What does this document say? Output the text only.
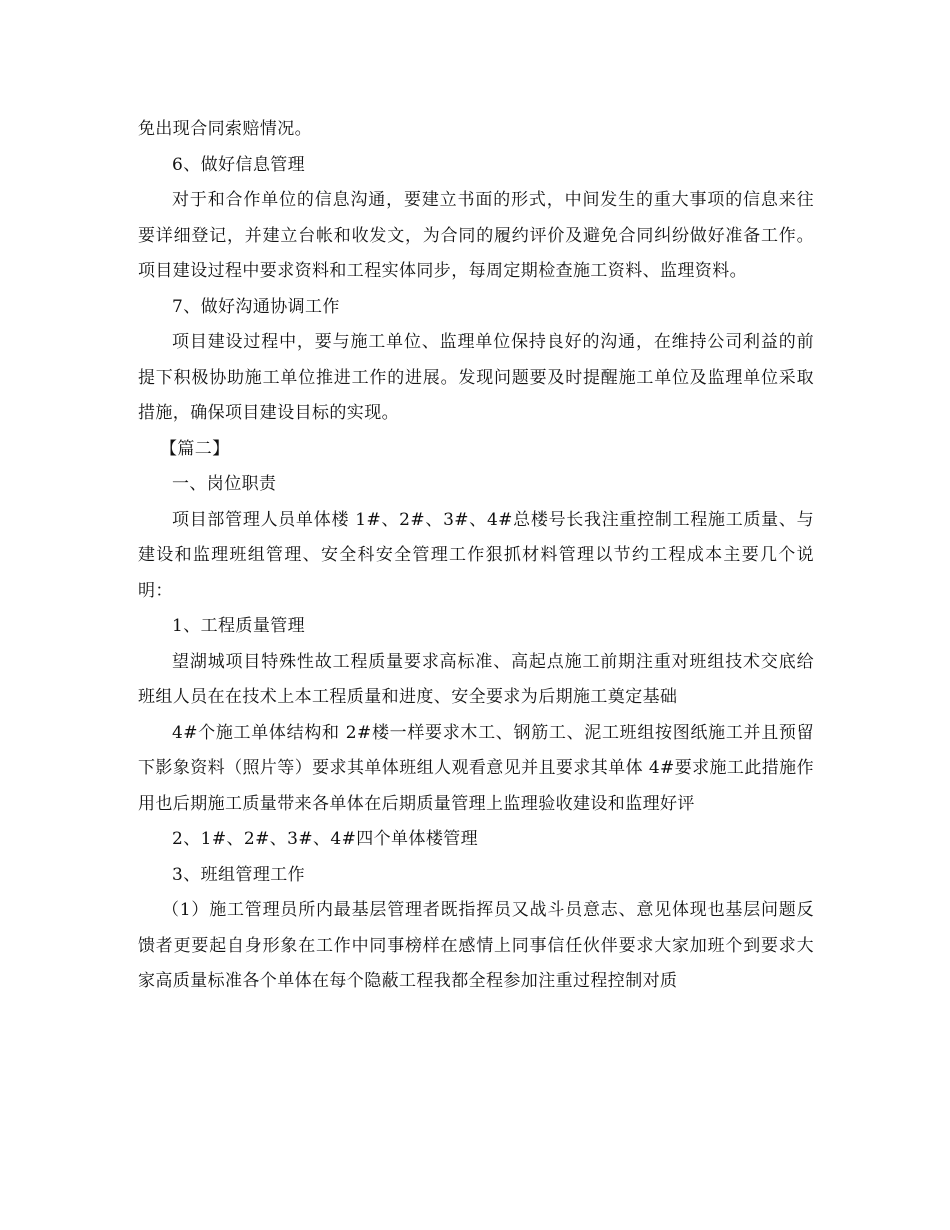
免出现合同索赔情况。

6、做好信息管理

对于和合作单位的信息沟通，要建立书面的形式，中间发生的重大事项的信息来往要详细登记，并建立台帐和收发文，为合同的履约评价及避免合同纠纷做好准备工作。项目建设过程中要求资料和工程实体同步，每周定期检查施工资料、监理资料。

7、做好沟通协调工作

项目建设过程中，要与施工单位、监理单位保持良好的沟通，在维持公司利益的前提下积极协助施工单位推进工作的进展。发现问题要及时提醒施工单位及监理单位采取措施，确保项目建设目标的实现。

【篇二】

一、岗位职责

项目部管理人员单体楼 1#、2#、3#、4#总楼号长我注重控制工程施工质量、与建设和监理班组管理、安全科安全管理工作狠抓材料管理以节约工程成本主要几个说明：

1、工程质量管理

望湖城项目特殊性故工程质量要求高标准、高起点施工前期注重对班组技术交底给班组人员在在技术上本工程质量和进度、安全要求为后期施工奠定基础

4#个施工单体结构和 2#楼一样要求木工、钢筋工、泥工班组按图纸施工并且预留下影象资料（照片等）要求其单体班组人观看意见并且要求其单体 4#要求施工此措施作用也后期施工质量带来各单体在后期质量管理上监理验收建设和监理好评

2、1#、2#、3#、4#四个单体楼管理

3、班组管理工作

（1）施工管理员所内最基层管理者既指挥员又战斗员意志、意见体现也基层问题反馈者更要起自身形象在工作中同事榜样在感情上同事信任伙伴要求大家加班个到要求大家高质量标准各个单体在每个隐蔽工程我都全程参加注重过程控制对质
